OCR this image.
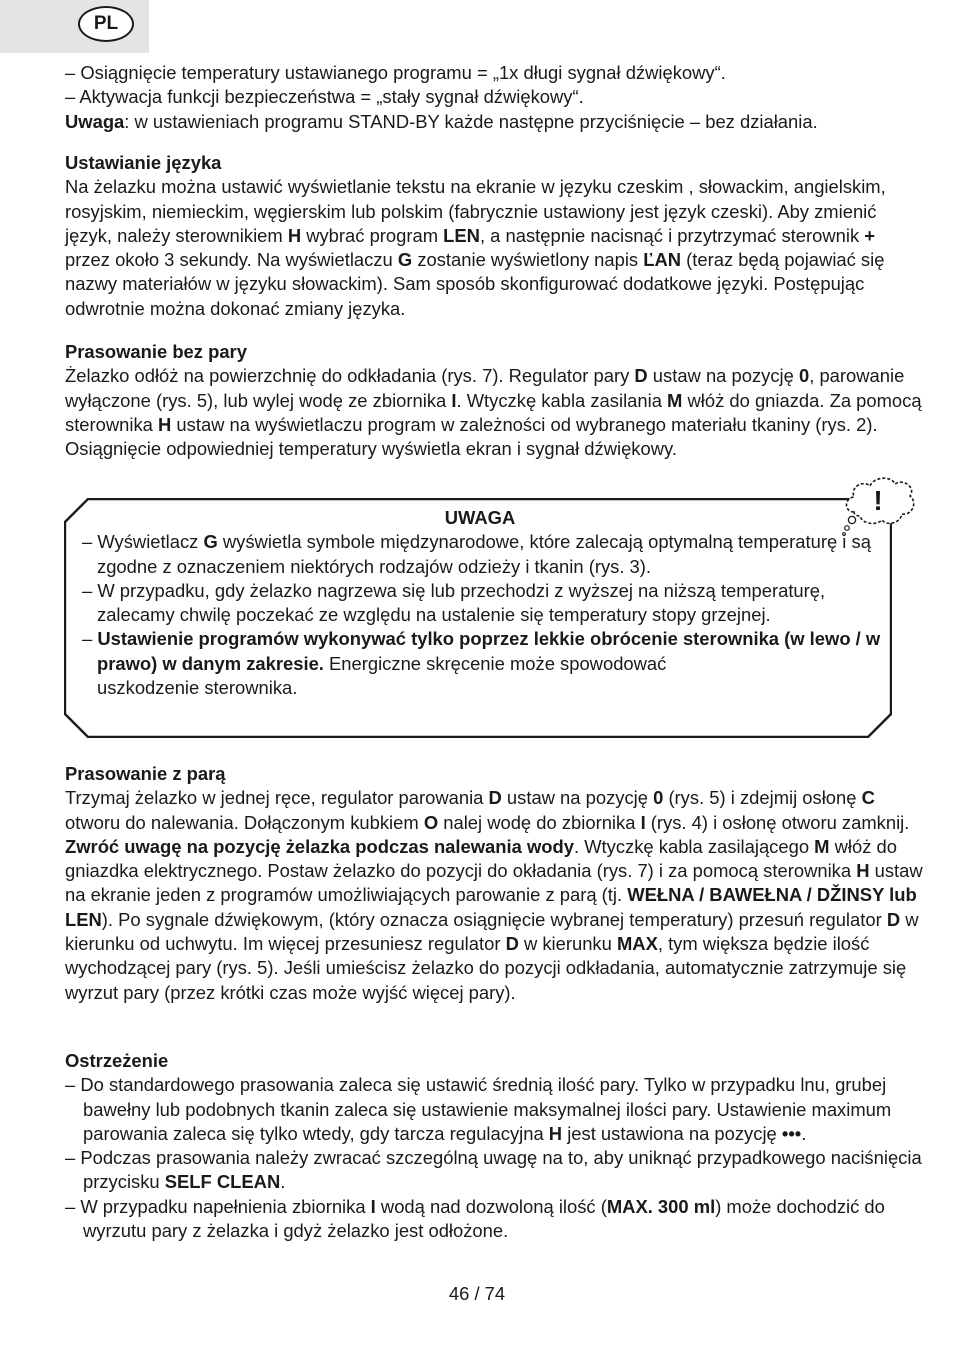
PL

– Osiągnięcie temperatury ustawianego programu = „1x długi sygnał dźwiękowy“.

– Aktywacja funkcji bezpieczeństwa = „stały sygnał dźwiękowy“.

Uwaga: w ustawieniach programu STAND-BY każde następne przyciśnięcie – bez działania.

Ustawianie języka

Na żelazku można ustawić wyświetlanie tekstu na ekranie w języku czeskim , słowackim, angielskim, rosyjskim, niemieckim, węgierskim lub polskim (fabrycznie ustawiony jest język czeski). Aby zmienić język, należy sterownikiem H wybrać program LEN, a następnie nacisnąć i przytrzymać sterownik + przez około 3 sekundy. Na wyświetlaczu G zostanie wyświetlony napis ĽAN (teraz będą pojawiać się nazwy materiałów w języku słowackim). Sam sposób skonfigurować dodatkowe języki. Postępując odwrotnie można dokonać zmiany języka.

Prasowanie bez pary

Żelazko odłóż na powierzchnię do odkładania (rys. 7). Regulator pary D ustaw na pozycję 0, parowanie wyłączone (rys. 5), lub wylej wodę ze zbiornika I. Wtyczkę kabla zasilania M włóż do gniazda. Za pomocą sterownika H ustaw na wyświetlaczu program w zależności od wybranego materiału tkaniny (rys. 2). Osiągnięcie odpowiedniej temperatury wyświetla ekran i sygnał dźwiękowy.

!

UWAGA

– Wyświetlacz G wyświetla symbole międzynarodowe, które zalecają optymalną temperaturę i są zgodne z oznaczeniem niektórych rodzajów odzieży i tkanin (rys. 3).

– W przypadku, gdy żelazko nagrzewa się lub przechodzi z wyższej na niższą temperaturę, zalecamy chwilę poczekać ze względu na ustalenie się temperatury stopy grzejnej.

– Ustawienie programów wykonywać tylko poprzez lekkie obrócenie sterownika (w lewo / w prawo) w danym zakresie. Energiczne skręcenie może spowodować
uszkodzenie sterownika.

Prasowanie z parą

Trzymaj żelazko w jednej ręce, regulator parowania D ustaw na pozycję 0 (rys. 5) i zdejmij osłonę C otworu do nalewania. Dołączonym kubkiem O nalej wodę do zbiornika I (rys. 4) i osłonę otworu zamknij. Zwróć uwagę na pozycję żelazka podczas nalewania wody. Wtyczkę kabla zasilającego M włóż do gniazdka elektrycznego. Postaw żelazko do pozycji do okładania (rys. 7) i za pomocą sterownika H ustaw na ekranie jeden z programów umożliwiających parowanie z parą (tj. WEŁNA / BAWEŁNA / DŽINSY lub LEN). Po sygnale dźwiękowym, (który oznacza osiągnięcie wybranej temperatury) przesuń regulator D w kierunku od uchwytu. Im więcej przesuniesz regulator D w kierunku MAX, tym większa będzie ilość wychodzącej pary (rys. 5). Jeśli umieścisz żelazko do pozycji odkładania, automatycznie zatrzymuje się wyrzut pary (przez krótki czas może wyjść więcej pary).

Ostrzeżenie

– Do standardowego prasowania zaleca się ustawić średnią ilość pary. Tylko w przypadku lnu, grubej bawełny lub podobnych tkanin zaleca się ustawienie maksymalnej ilości pary. Ustawienie maximum parowania zaleca się tylko wtedy, gdy tarcza regulacyjna H jest ustawiona na pozycję •••.

– Podczas prasowania należy zwracać szczególną uwagę na to, aby uniknąć przypadkowego naciśnięcia przycisku SELF CLEAN.

– W przypadku napełnienia zbiornika I wodą nad dozwoloną ilość (MAX. 300 ml) może dochodzić do wyrzutu pary z żelazka i gdyż żelazko jest odłożone.

46 / 74
